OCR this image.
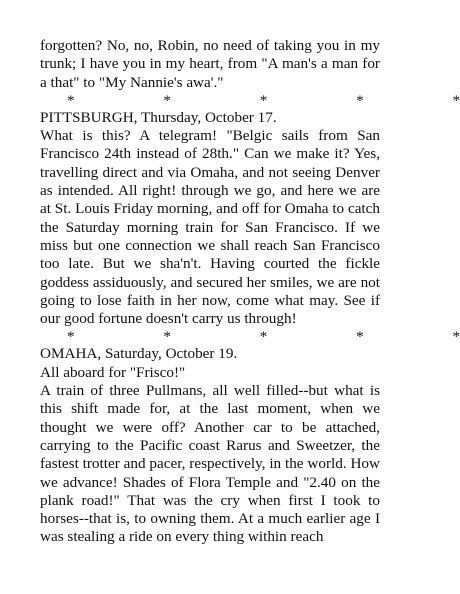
forgotten? No, no, Robin, no need of taking you in my trunk; I have you in my heart, from "A man's a man for a that" to "My Nannie's awa'."

*      *      *      *      *

PITTSBURGH, Thursday, October 17.

What is this? A telegram! "Belgic sails from San Francisco 24th instead of 28th." Can we make it? Yes, travelling direct and via Omaha, and not seeing Denver as intended. All right! through we go, and here we are at St. Louis Friday morning, and off for Omaha to catch the Saturday morning train for San Francisco. If we miss but one connection we shall reach San Francisco too late. But we sha'n't. Having courted the fickle goddess assiduously, and secured her smiles, we are not going to lose faith in her now, come what may. See if our good fortune doesn't carry us through!

*      *      *      *      *

OMAHA, Saturday, October 19.

All aboard for "Frisco!"

A train of three Pullmans, all well filled--but what is this shift made for, at the last moment, when we thought we were off? Another car to be attached, carrying to the Pacific coast Rarus and Sweetzer, the fastest trotter and pacer, respectively, in the world. How we advance! Shades of Flora Temple and "2.40 on the plank road!" That was the cry when first I took to horses--that is, to owning them. At a much earlier age I was stealing a ride on every thing within reach
